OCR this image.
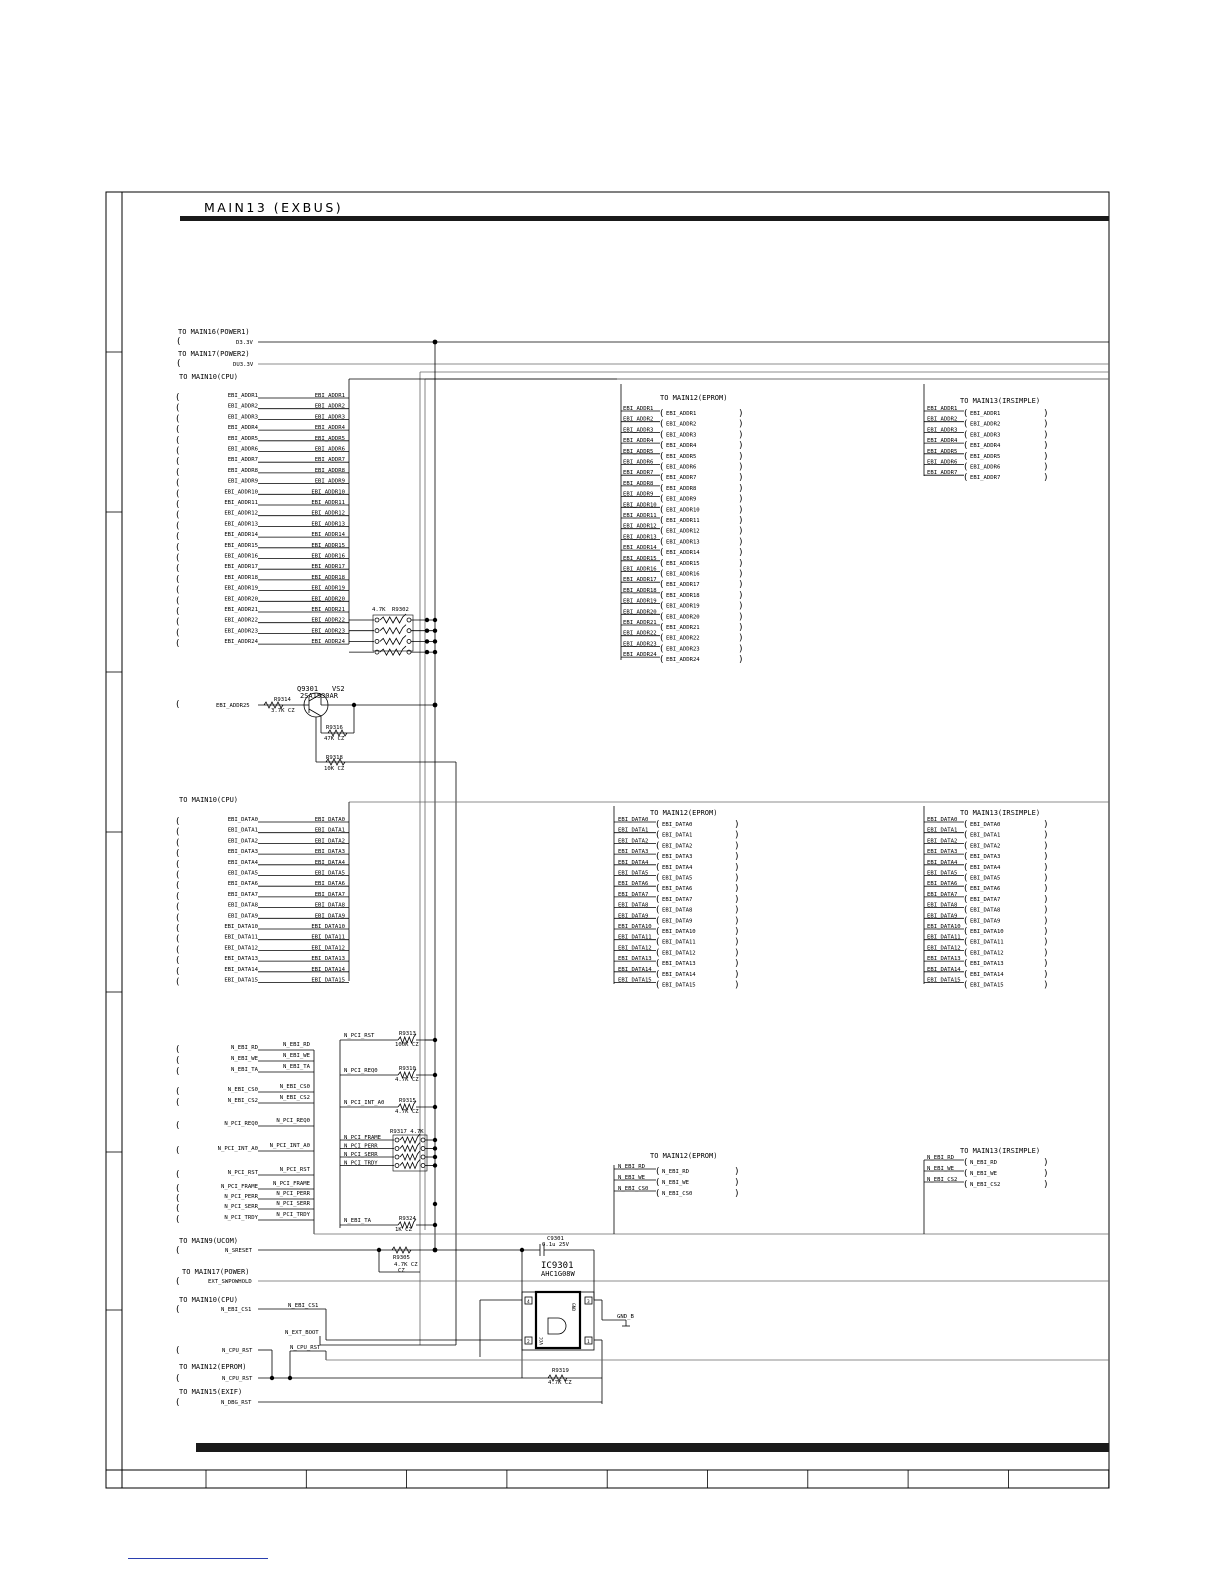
MAIN13 (EXBUS)
TO MAIN16(POWER1)
(	D3.3V
TO MAIN17(POWER2)
(	DU3.3V
TO MAIN10(CPU)
(	EBI_ADDR1	EBI_ADDR1
(	EBI_ADDR2	EBI_ADDR2
(	EBI_ADDR3	EBI_ADDR3
(	EBI_ADDR4	EBI_ADDR4
(	EBI_ADDR5	EBI_ADDR5
(	EBI_ADDR6	EBI_ADDR6
(	EBI_ADDR7	EBI_ADDR7
(	EBI_ADDR8	EBI_ADDR8
(	EBI_ADDR9	EBI_ADDR9
(	EBI_ADDR10	EBI_ADDR10
(	EBI_ADDR11	EBI_ADDR11
(	EBI_ADDR12	EBI_ADDR12
(	EBI_ADDR13	EBI_ADDR13
(	EBI_ADDR14	EBI_ADDR14
(	EBI_ADDR15	EBI_ADDR15
(	EBI_ADDR16	EBI_ADDR16
(	EBI_ADDR17	EBI_ADDR17
(	EBI_ADDR18	EBI_ADDR18
(	EBI_ADDR19	EBI_ADDR19
(	EBI_ADDR20	EBI_ADDR20
(	EBI_ADDR21	EBI_ADDR21
(	EBI_ADDR22	EBI_ADDR22
(	EBI_ADDR23	EBI_ADDR23
(	EBI_ADDR24	EBI_ADDR24
TO MAIN12(EPROM)
EBI_ADDR1 ( EBI_ADDR1	)
EBI_ADDR2 ( EBI_ADDR2	)
EBI_ADDR3 ( EBI_ADDR3	)
EBI_ADDR4 ( EBI_ADDR4	)
EBI_ADDR5 ( EBI_ADDR5	)
EBI_ADDR6 ( EBI_ADDR6	)
EBI_ADDR7 ( EBI_ADDR7	)
EBI_ADDR8 ( EBI_ADDR8	)
EBI_ADDR9 ( EBI_ADDR9	)
EBI_ADDR10 ( EBI_ADDR10	)
EBI_ADDR11 ( EBI_ADDR11	)
EBI_ADDR12 ( EBI_ADDR12	)
EBI_ADDR13 ( EBI_ADDR13	)
EBI_ADDR14 ( EBI_ADDR14	)
EBI_ADDR15 ( EBI_ADDR15	)
EBI_ADDR16 ( EBI_ADDR16	)
EBI_ADDR17 ( EBI_ADDR17	)
EBI_ADDR18 ( EBI_ADDR18	)
EBI_ADDR19 ( EBI_ADDR19	)
EBI_ADDR20 ( EBI_ADDR20	)
EBI_ADDR21 ( EBI_ADDR21	)
EBI_ADDR22 ( EBI_ADDR22	)
EBI_ADDR23 ( EBI_ADDR23	)
EBI_ADDR24 ( EBI_ADDR24	)
TO MAIN13(IRSIMPLE)
EBI_ADDR1 ( EBI_ADDR1	)
EBI_ADDR2 ( EBI_ADDR2	)
EBI_ADDR3 ( EBI_ADDR3	)
EBI_ADDR4 ( EBI_ADDR4	)
EBI_ADDR5 ( EBI_ADDR5	)
EBI_ADDR6 ( EBI_ADDR6	)
EBI_ADDR7 ( EBI_ADDR7	)
4.7K R9302
(	EBI_ADDR25
R9314
3.7K CZ
Q9301 VS2
2SA1530AR
R9316
47K CZ
R9318
10K CZ
TO MAIN10(CPU)
(	EBI_DATA0	EBI_DATA0
(	EBI_DATA1	EBI_DATA1
(	EBI_DATA2	EBI_DATA2
(	EBI_DATA3	EBI_DATA3
(	EBI_DATA4	EBI_DATA4
(	EBI_DATA5	EBI_DATA5
(	EBI_DATA6	EBI_DATA6
(	EBI_DATA7	EBI_DATA7
(	EBI_DATA8	EBI_DATA8
(	EBI_DATA9	EBI_DATA9
(	EBI_DATA10	EBI_DATA10
(	EBI_DATA11	EBI_DATA11
(	EBI_DATA12	EBI_DATA12
(	EBI_DATA13	EBI_DATA13
(	EBI_DATA14	EBI_DATA14
(	EBI_DATA15	EBI_DATA15
TO MAIN12(EPROM)
EBI_DATA0 ( EBI_DATA0	)
EBI_DATA1 ( EBI_DATA1	)
EBI_DATA2 ( EBI_DATA2	)
EBI_DATA3 ( EBI_DATA3	)
EBI_DATA4 ( EBI_DATA4	)
EBI_DATA5 ( EBI_DATA5	)
EBI_DATA6 ( EBI_DATA6	)
EBI_DATA7 ( EBI_DATA7	)
EBI_DATA8 ( EBI_DATA8	)
EBI_DATA9 ( EBI_DATA9	)
EBI_DATA10 ( EBI_DATA10	)
EBI_DATA11 ( EBI_DATA11	)
EBI_DATA12 ( EBI_DATA12	)
EBI_DATA13 ( EBI_DATA13	)
EBI_DATA14 ( EBI_DATA14	)
EBI_DATA15 ( EBI_DATA15	)
TO MAIN13(IRSIMPLE)
EBI_DATA0 ( EBI_DATA0	)
EBI_DATA1 ( EBI_DATA1	)
EBI_DATA2 ( EBI_DATA2	)
EBI_DATA3 ( EBI_DATA3	)
EBI_DATA4 ( EBI_DATA4	)
EBI_DATA5 ( EBI_DATA5	)
EBI_DATA6 ( EBI_DATA6	)
EBI_DATA7 ( EBI_DATA7	)
EBI_DATA8 ( EBI_DATA8	)
EBI_DATA9 ( EBI_DATA9	)
EBI_DATA10 ( EBI_DATA10	)
EBI_DATA11 ( EBI_DATA11	)
EBI_DATA12 ( EBI_DATA12	)
EBI_DATA13 ( EBI_DATA13	)
EBI_DATA14 ( EBI_DATA14	)
EBI_DATA15 ( EBI_DATA15	)
(	N_EBI_RD	N_EBI_RD
(	N_EBI_WE	N_EBI_WE
(	N_EBI_TA	N_EBI_TA
(	N_EBI_CS0	N_EBI_CS0
(	N_EBI_CS2	N_EBI_CS2
(	N_PCI_REQ0	N_PCI_REQ0
(	N_PCI_INT_A0 N_PCI_INT_A0
(	N_PCI_RST	N_PCI_RST
(	N_PCI_FRAME	N_PCI_FRAME
(	N_PCI_PERR	N_PCI_PERR
(	N_PCI_SERR	N_PCI_SERR
(	N_PCI_TRDY	N_PCI_TRDY
N_PCI_RST	R9313
100K CZ
N_PCI_REQ0	R9310
4.7K CZ
N_PCI_INT_A0	R9315
4.7K CZ
N_EBI_TA	R9324
1K CZ
R9317 4.7K
N_PCI_FRAME
N_PCI_PERR
N_PCI_SERR
N_PCI_TRDY
TO MAIN12(EPROM)
N_EBI_RD ( N_EBI_RD	)
N_EBI_WE ( N_EBI_WE	)
N_EBI_CS0 ( N_EBI_CS0	)
TO MAIN13(IRSIMPLE)
N_EBI_RD ( N_EBI_RD	)
N_EBI_WE ( N_EBI_WE	)
N_EBI_CS2 ( N_EBI_CS2	)
TO MAIN9(UCOM)
(	N_SRESET
R9305
4.7K CZ
CZ
C9301
0.1u 25V
TO MAIN17(POWER)
(	EXT_SWPOWHOLD
IC9301
AHC1G08W
4
2
3
1
GND
VCC
GND_B
R9319
4.7K CZ
TO MAIN10(CPU)
(	N_EBI_CS1
N_EBI_CS1
N_EXT_BOOT
(	N_CPU_RST	N_CPU_RST
TO MAIN12(EPROM)
(	N_CPU_RST
TO MAIN15(EXIF)
(	N_DBG_RST
